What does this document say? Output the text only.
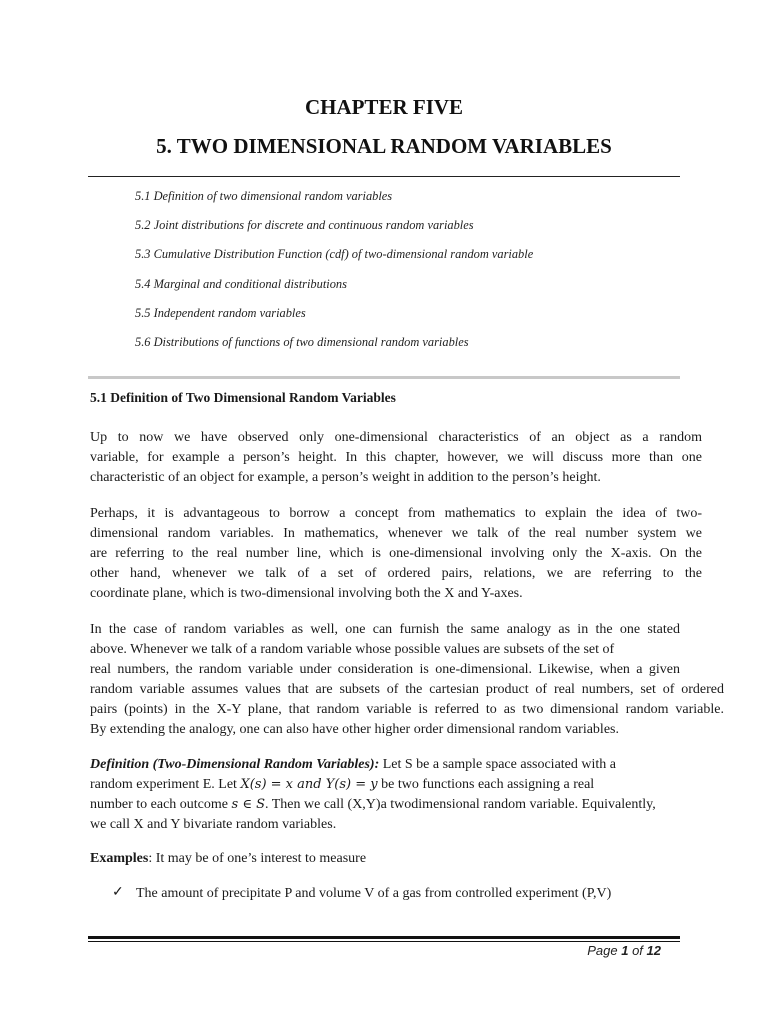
CHAPTER FIVE
5. TWO DIMENSIONAL RANDOM VARIABLES
5.1 Definition of two dimensional random variables
5.2 Joint distributions for discrete and continuous random variables
5.3 Cumulative Distribution Function (cdf) of two-dimensional random variable
5.4 Marginal and conditional distributions
5.5 Independent random variables
5.6 Distributions of functions of two dimensional random variables
5.1 Definition of Two Dimensional Random Variables
Up to now we have observed only one-dimensional characteristics of an object as a random
variable, for example a person’s height. In this chapter, however, we will discuss more than one
characteristic of an object for example, a person’s weight in addition to the person’s height.
Perhaps, it is advantageous to borrow a concept from mathematics to explain the idea of two-
dimensional random variables. In mathematics, whenever we talk of the real number system we
are referring to the real number line, which is one-dimensional involving only the X-axis. On the
other hand, whenever we talk of a set of ordered pairs, relations, we are referring to the
coordinate plane, which is two-dimensional involving both the X and Y-axes.
In the case of random variables as well, one can furnish the same analogy as in the one stated
above. Whenever we talk of a random variable whose possible values are subsets of the set of
real numbers, the random variable under consideration is one-dimensional. Likewise, when a given
random variable assumes values that are subsets of the cartesian product of real numbers, set of ordered
pairs (points) in the X-Y plane, that random variable is referred to as two dimensional random variable.
By extending the analogy, one can also have other higher order dimensional random variables.
Definition (Two-Dimensional Random Variables): Let S be a sample space associated with a
random experiment E. Let X(s) = x and Y(s) = y be two functions each assigning a real
number to each outcome s ∈ S. Then we call (X,Y)a twodimensional random variable. Equivalently,
we call X and Y bivariate random variables.
Examples: It may be of one’s interest to measure
✓ The amount of precipitate P and volume V of a gas from controlled experiment (P,V)
Page 1 of 12
